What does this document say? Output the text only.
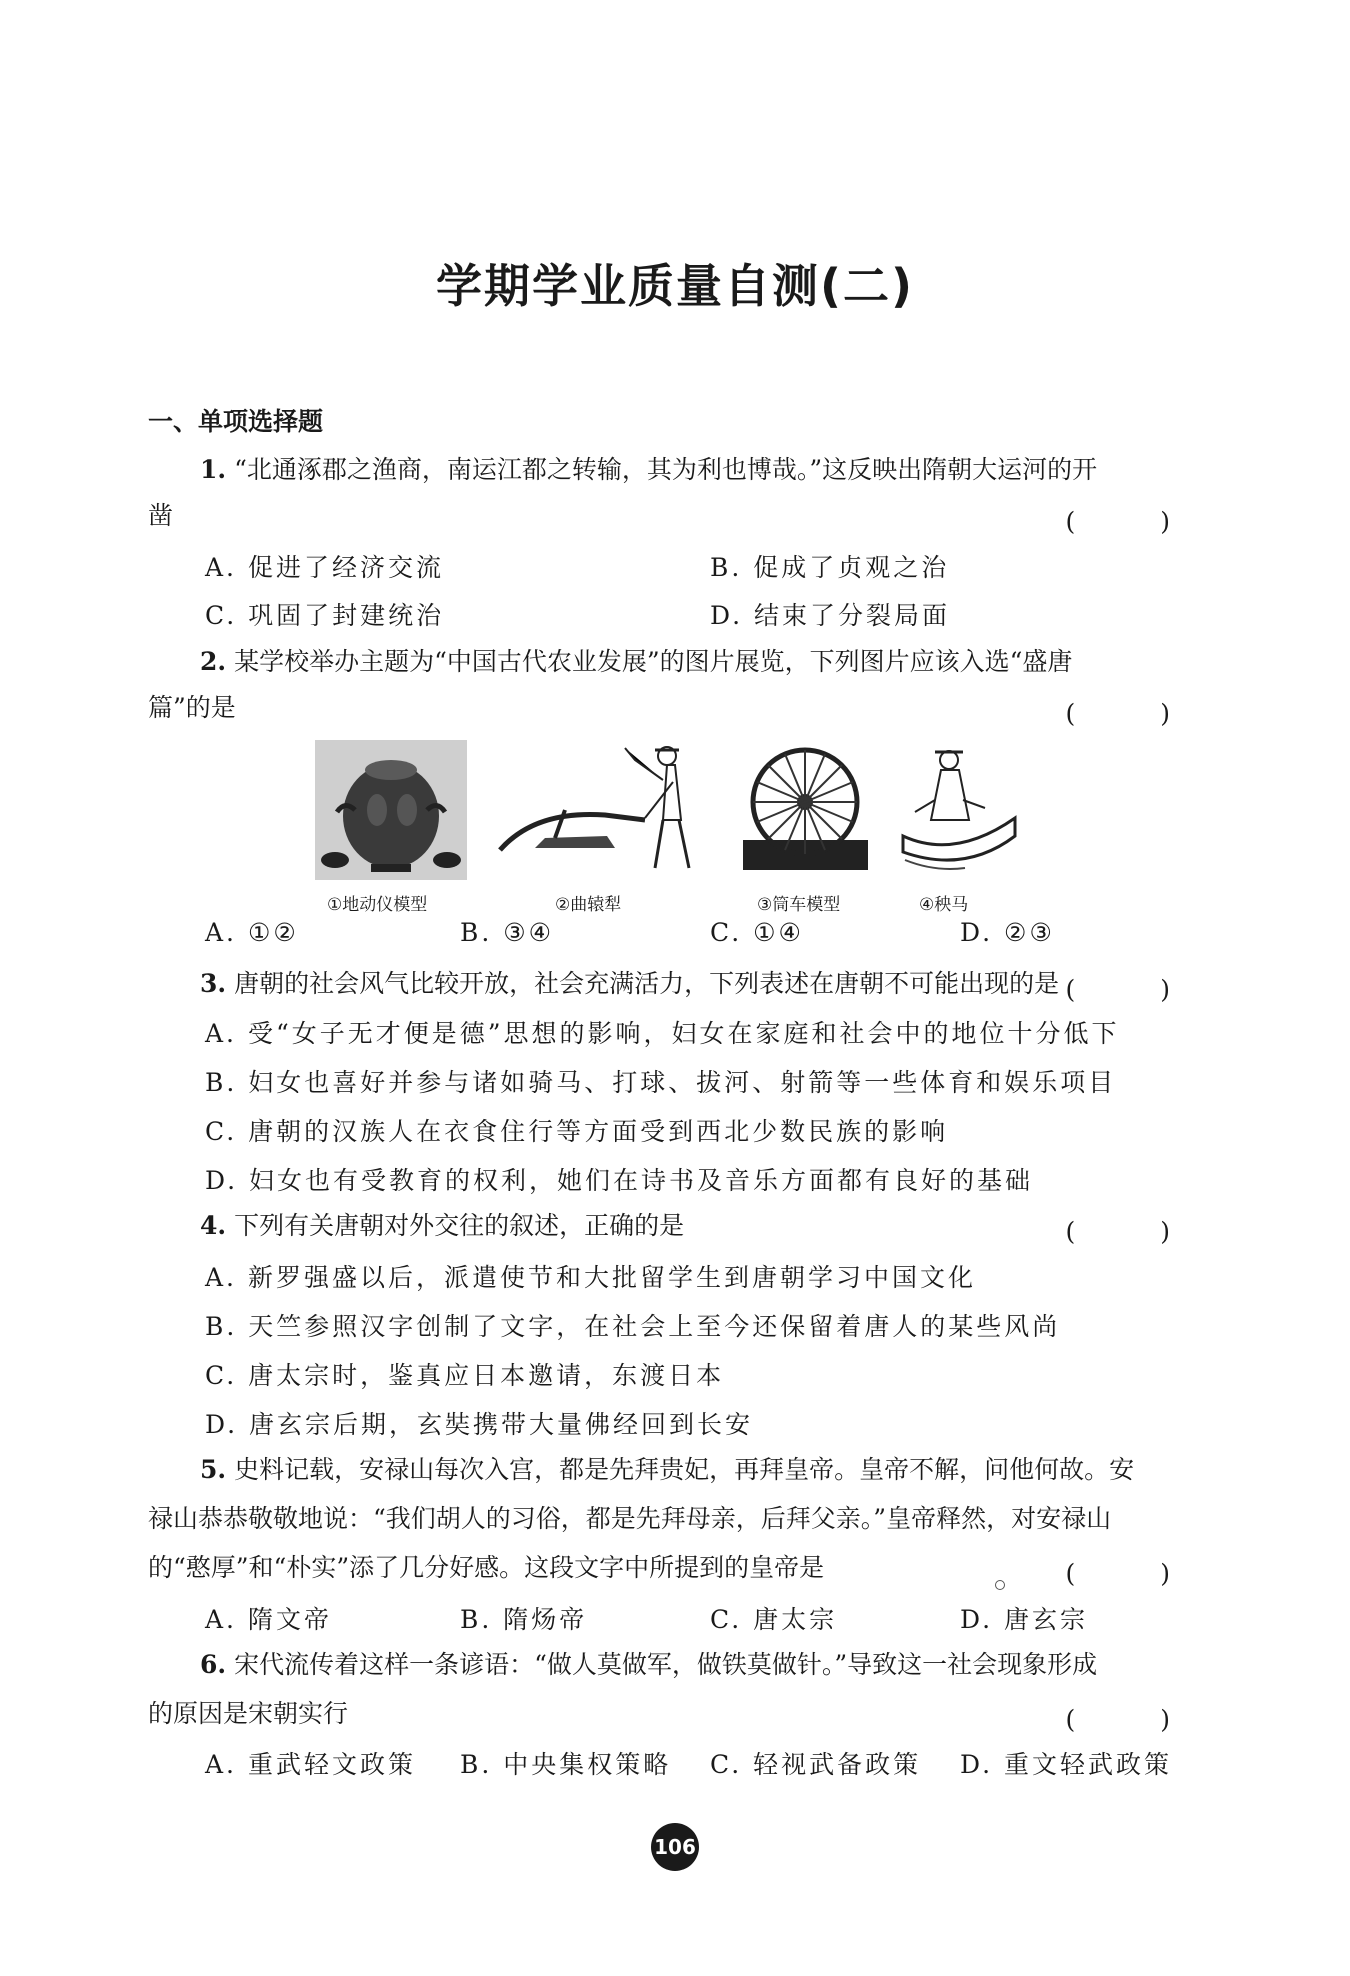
学期学业质量自测(二)
一、单项选择题
1. “北通涿郡之渔商，南运江都之转输，其为利也博哉。”这反映出隋朝大运河的开
凿	(　)
A. 促进了经济交流	B. 促成了贞观之治
C. 巩固了封建统治	D. 结束了分裂局面
2. 某学校举办主题为“中国古代农业发展”的图片展览，下列图片应该入选“盛唐
篇”的是	(　)
①地动仪模型	②曲辕犁	③筒车模型	④秧马
A. ①②	B. ③④	C. ①④	D. ②③
3. 唐朝的社会风气比较开放，社会充满活力，下列表述在唐朝不可能出现的是 (　)
A. 受“女子无才便是德”思想的影响，妇女在家庭和社会中的地位十分低下
B. 妇女也喜好并参与诸如骑马、打球、拔河、射箭等一些体育和娱乐项目
C. 唐朝的汉族人在衣食住行等方面受到西北少数民族的影响
D. 妇女也有受教育的权利，她们在诗书及音乐方面都有良好的基础
4. 下列有关唐朝对外交往的叙述，正确的是	(　)
A. 新罗强盛以后，派遣使节和大批留学生到唐朝学习中国文化
B. 天竺参照汉字创制了文字，在社会上至今还保留着唐人的某些风尚
C. 唐太宗时，鉴真应日本邀请，东渡日本
D. 唐玄宗后期，玄奘携带大量佛经回到长安
5. 史料记载，安禄山每次入宫，都是先拜贵妃，再拜皇帝。皇帝不解，问他何故。安
禄山恭恭敬敬地说：“我们胡人的习俗，都是先拜母亲，后拜父亲。”皇帝释然，对安禄山
的“憨厚”和“朴实”添了几分好感。这段文字中所提到的皇帝是	(　)
A. 隋文帝	B. 隋炀帝	C. 唐太宗	D. 唐玄宗
6. 宋代流传着这样一条谚语：“做人莫做军，做铁莫做针。”导致这一社会现象形成
的原因是宋朝实行	(　)
A. 重武轻文政策 B. 中央集权策略 C. 轻视武备政策 D. 重文轻武政策
106
